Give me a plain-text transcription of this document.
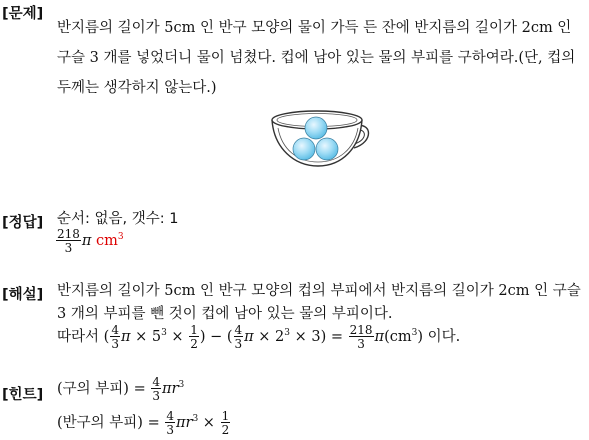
[문제]
반지름의 길이가 5cm 인 반구 모양의 물이 가득 든 잔에 반지름의 길이가 2cm 인
구슬 3 개를 넣었더니 물이 넘쳤다. 컵에 남아 있는 물의 부피를 구하여라.(단, 컵의
두께는 생각하지 않는다.)
[정답] 순서: 없음, 갯수: 1
$\frac{218}{3}$ π $cm^3$
[해설] 반지름의 길이가 5cm 인 반구 모양의 컵의 부피에서 반지름의 길이가 2cm 인 구슬
3 개의 부피를 뺀 것이 컵에 남아 있는 물의 부피이다.
따라서 ( $\frac{4}{3}$ $\pi \times 5^3 \times \frac{1}{2}$ ) − ( $\frac{4}{3}$ $\pi \times 2^3 \times 3) = \frac{218}{3} \pi(cm^3)$ 이다.
[힌트] (구의 부피) = $\frac{4}{3} \pi r^3$
(반구의 부피) = $\frac{4}{3} \pi r^3 \times \frac{1}{2}$
